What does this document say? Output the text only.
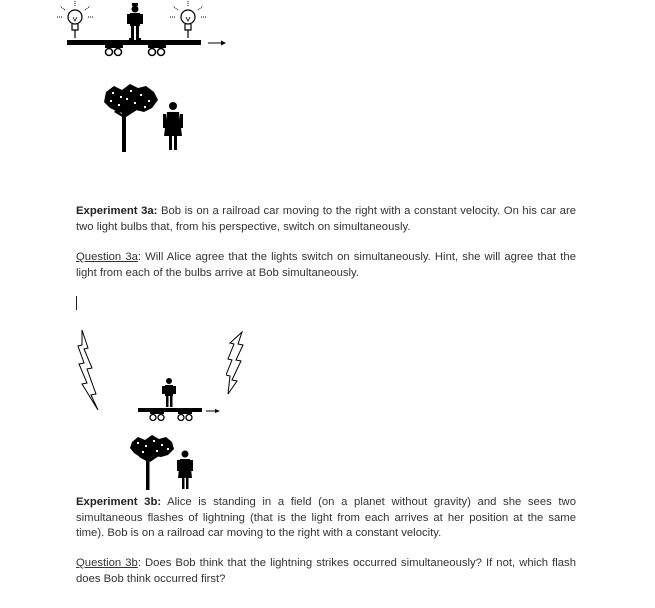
Experiment 3a: Bob is on a railroad car moving to the right with a constant velocity. On his car are two light bulbs that, from his perspective, switch on simultaneously.

Question 3a: Will Alice agree that the lights switch on simultaneously. Hint, she will agree that the light from each of the bulbs arrive at Bob simultaneously.

Experiment 3b: Alice is standing in a field (on a planet without gravity) and she sees two simultaneous flashes of lightning (that is the light from each arrives at her position at the same time). Bob is on a railroad car moving to the right with a constant velocity.

Question 3b: Does Bob think that the lightning strikes occurred simultaneously? If not, which flash does Bob think occurred first?
